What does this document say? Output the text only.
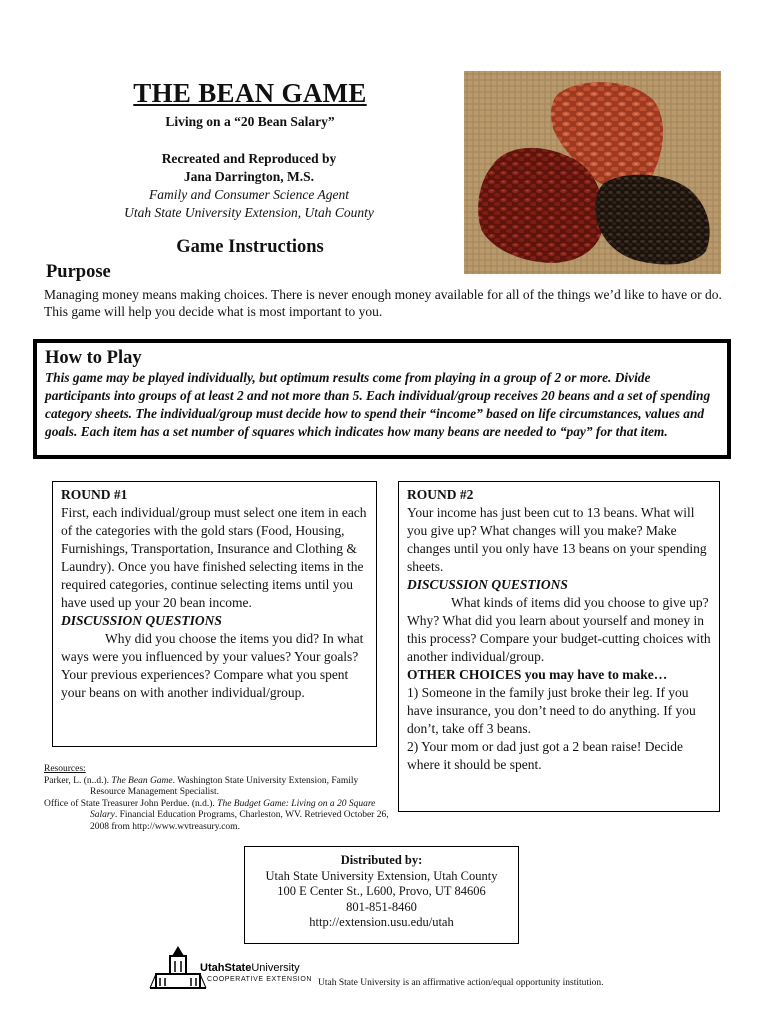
THE BEAN GAME
Living on a “20 Bean Salary”
Recreated and Reproduced by
Jana Darrington, M.S.
Family and Consumer Science Agent
Utah State University Extension, Utah County
Game Instructions
Purpose
Managing money means making choices. There is never enough money available for all of the things we’d like to have or do. This game will help you decide what is most important to you.
How to Play

This game may be played individually, but optimum results come from playing in a group of 2 or more. Divide participants into groups of at least 2 and not more than 5. Each individual/group receives 20 beans and a set of spending category sheets. The individual/group must decide how to spend their “income” based on life circumstances, values and goals. Each item has a set number of squares which indicates how many beans are needed to “pay” for that item.

ROUND #1
First, each individual/group must select one item in each of the categories with the gold stars (Food, Housing, Furnishings, Transportation, Insurance and Clothing & Laundry). Once you have finished selecting items in the required categories, continue selecting items until you have used up your 20 bean income.
DISCUSSION QUESTIONS
Why did you choose the items you did? In what ways were you influenced by your values? Your goals? Your previous experiences? Compare what you spent your beans on with another individual/group.
ROUND #2
Your income has just been cut to 13 beans. What will you give up? What changes will you make? Make changes until you only have 13 beans on your spending sheets.
DISCUSSION QUESTIONS
What kinds of items did you choose to give up? Why? What did you learn about yourself and money in this process? Compare your budget-cutting choices with another individual/group.
OTHER CHOICES you may have to make…
1) Someone in the family just broke their leg. If you have insurance, you don’t need to do anything. If you don’t, take off 3 beans.
2) Your mom or dad just got a 2 bean raise! Decide where it should be spent.
Resources:
Parker, L. (n..d.). The Bean Game. Washington State University Extension, Family Resource Management Specialist.
Office of State Treasurer John Perdue. (n.d.). The Budget Game: Living on a 20 Square Salary. Financial Education Programs, Charleston, WV. Retrieved October 26, 2008 from http://www.wvtreasury.com.
Distributed by:
Utah State University Extension, Utah County
100 E Center St., L600, Provo, UT 84606
801-851-8460
http://extension.usu.edu/utah
UtahStateUniversity
COOPERATIVE EXTENSION Utah State University is an affirmative action/equal opportunity institution.
